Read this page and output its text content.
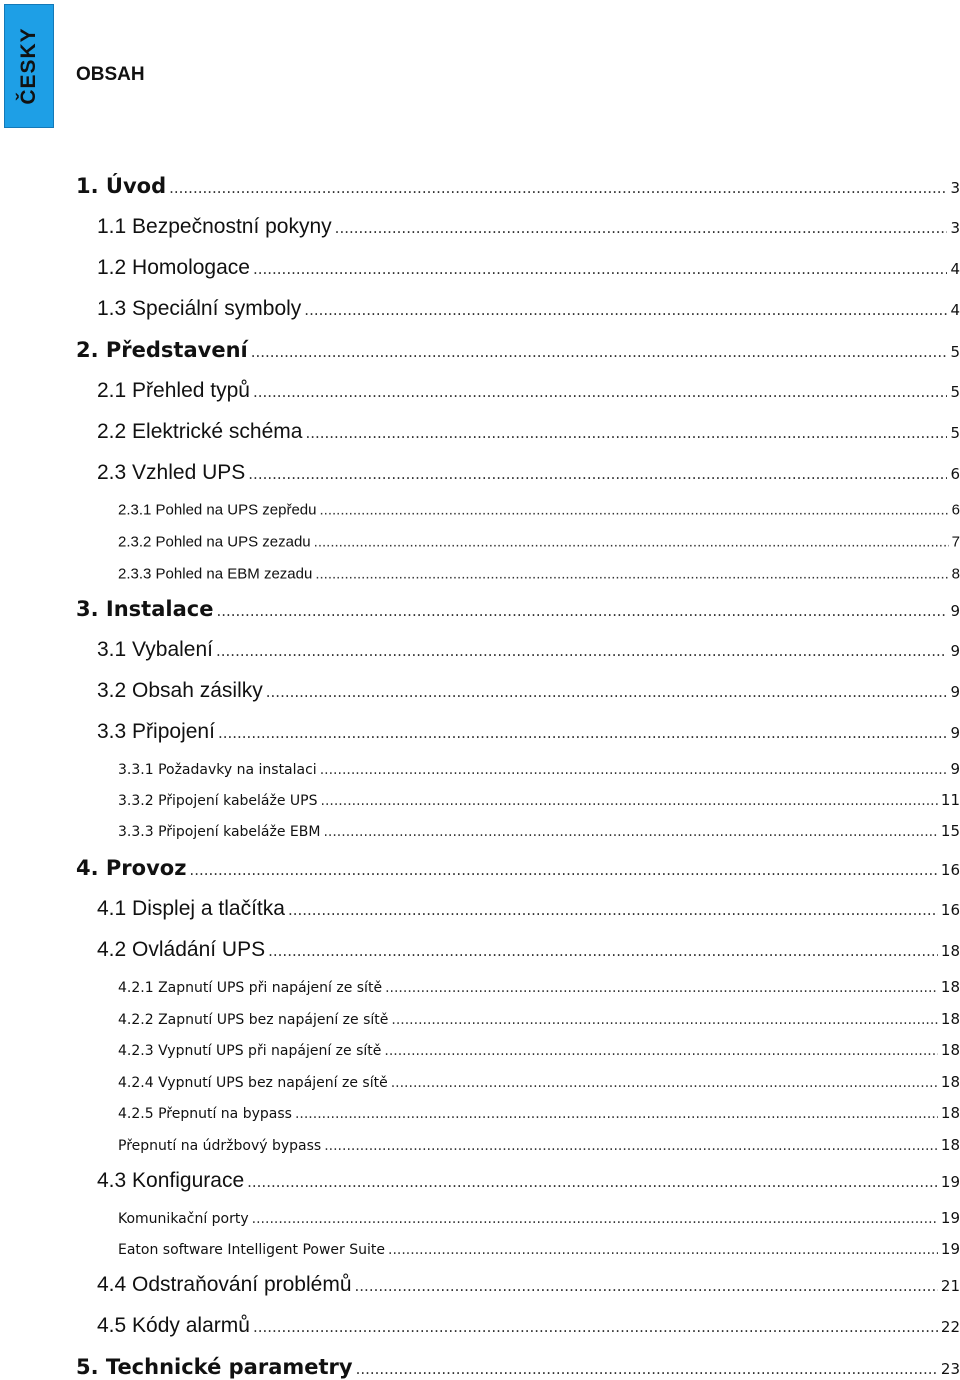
ČESKY OBSAH
1. Úvod .....	3
1.1 Bezpečnostní pokyny .....	3
1.2 Homologace .....	4
1.3 Speciální symboly .....	4
2. Představení .....	5
2.1 Přehled typů .....	5
2.2 Elektrické schéma .....	5
2.3 Vzhled UPS .....	6
2.3.1 Pohled na UPS zepředu .....	6
2.3.2 Pohled na UPS zezadu .....	7
2.3.3 Pohled na EBM zezadu .....	8
3. Instalace .....	9
3.1 Vybalení .....	9
3.2 Obsah zásilky .....	9
3.3 Připojení .....	9
3.3.1 Požadavky na instalaci .....	9
3.3.2 Připojení kabeláže UPS .....	11
3.3.3 Připojení kabeláže EBM .....	15
4. Provoz .....	16
4.1 Displej a tlačítka .....	16
4.2 Ovládání UPS .....	18
4.2.1 Zapnutí UPS při napájení ze sítě .....	18
4.2.2 Zapnutí UPS bez napájení ze sítě .....	18
4.2.3 Vypnutí UPS při napájení ze sítě .....	18
4.2.4 Vypnutí UPS bez napájení ze sítě .....	18
4.2.5 Přepnutí na bypass .....	18
Přepnutí na údržbový bypass .....	18
4.3 Konfigurace .....	19
Komunikační porty .....	19
Eaton software Intelligent Power Suite .....	19
4.4 Odstraňování problémů .....	21
4.5 Kódy alarmů .....	22
5. Technické parametry .....	23
